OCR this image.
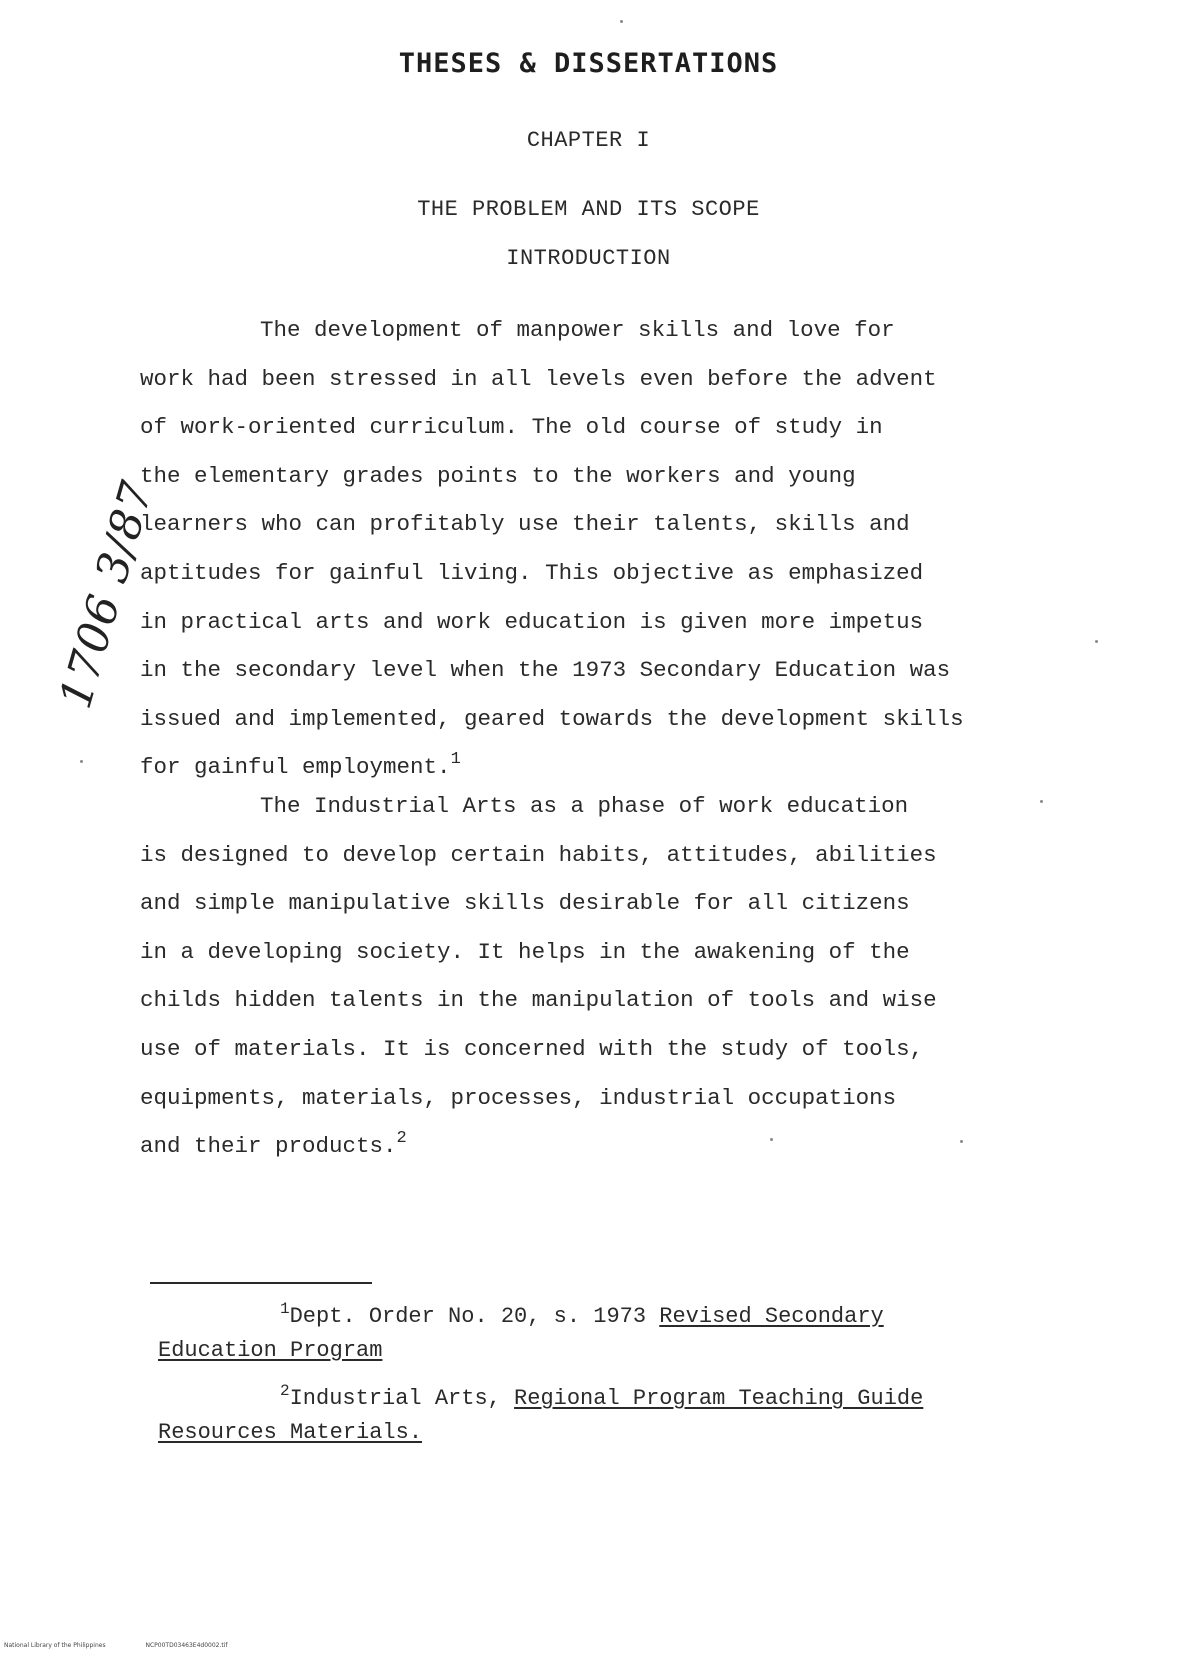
THESES & DISSERTATIONS
CHAPTER I
THE PROBLEM AND ITS SCOPE
INTRODUCTION
The development of manpower skills and love for
work had been stressed in all levels even before the advent
of work-oriented curriculum. The old course of study in
the elementary grades points to the workers and young
learners who can profitably use their talents, skills and
aptitudes for gainful living. This objective as emphasized
in practical arts and work education is given more impetus
in the secondary level when the 1973 Secondary Education was
issued and implemented, geared towards the development skills
for gainful employment.$^1$
The Industrial Arts as a phase of work education
is designed to develop certain habits, attitudes, abilities
and simple manipulative skills desirable for all citizens
in a developing society. It helps in the awakening of the
childs hidden talents in the manipulation of tools and wise
use of materials. It is concerned with the study of tools,
equipments, materials, processes, industrial occupations
and their products.$^2$
$^1$Dept. Order No. 20, s. 1973 Revised Secondary
Education Program
$^2$Industrial Arts, Regional Program Teaching Guide
Resources Materials.
1706 3/87
National Library of the Philippines	NCP00TD03463E4d0002.tif
